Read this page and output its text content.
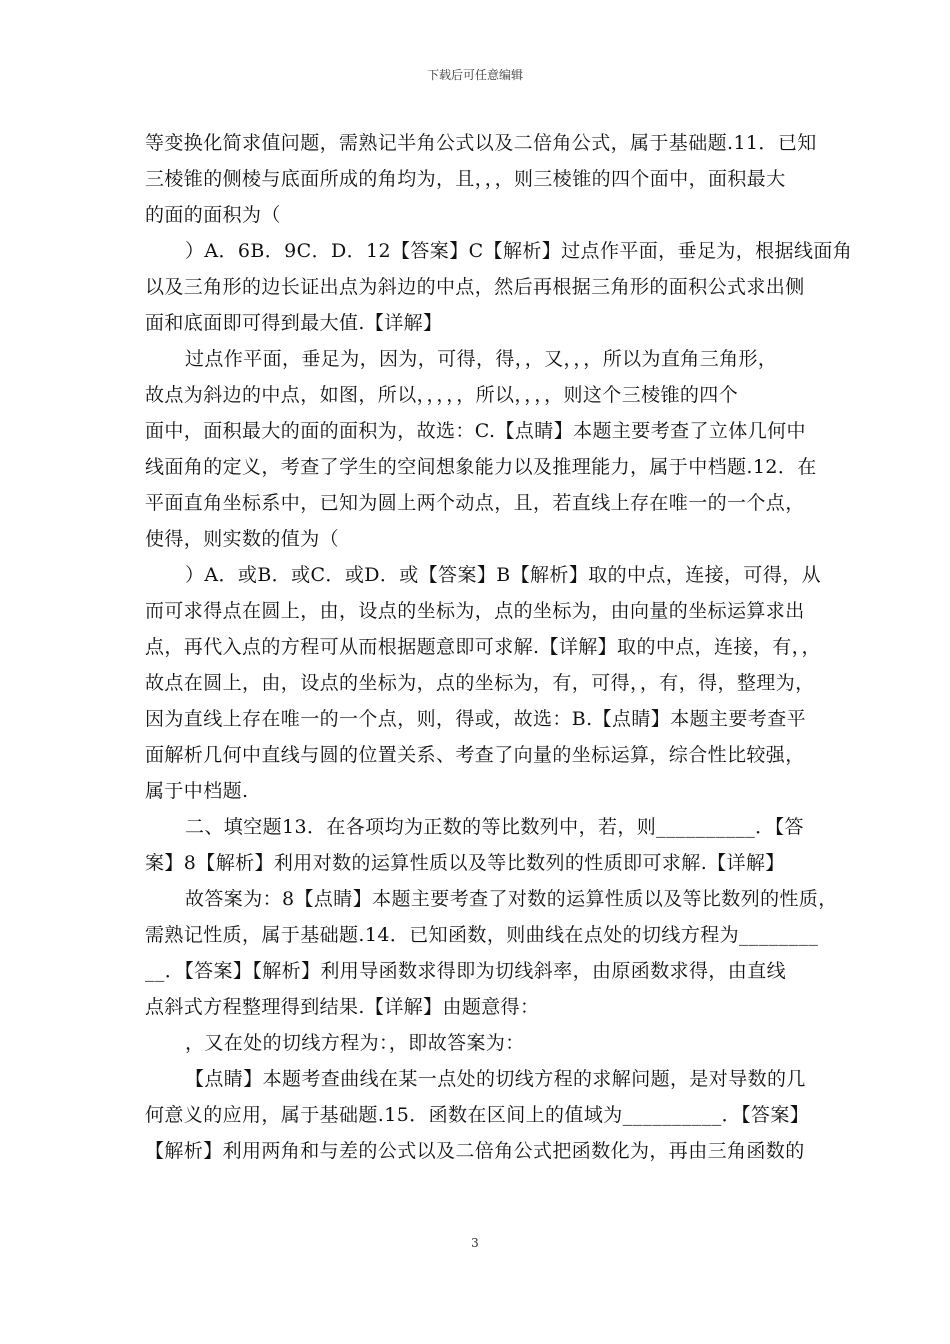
下载后可任意编辑
等变换化简求值问题，需熟记半角公式以及二倍角公式，属于基础题.11．已知
三棱锥的侧棱与底面所成的角均为，且，，，则三棱锥的四个面中，面积最大
的面的面积为（
）A．6B．9C．D．12【答案】C【解析】过点作平面，垂足为，根据线面角
以及三角形的边长证出点为斜边的中点，然后再根据三角形的面积公式求出侧
面和底面即可得到最大值.【详解】
过点作平面，垂足为，因为，可得，得，，又，，，所以为直角三角形，
故点为斜边的中点，如图，所以，，，，，所以，，，，则这个三棱锥的四个
面中，面积最大的面的面积为，故选：C.【点睛】本题主要考查了立体几何中
线面角的定义，考查了学生的空间想象能力以及推理能力，属于中档题.12．在
平面直角坐标系中，已知为圆上两个动点，且，若直线上存在唯一的一个点，
使得，则实数的值为（
）A．或B．或C．或D．或【答案】B【解析】取的中点，连接，可得，从
而可求得点在圆上，由，设点的坐标为，点的坐标为，由向量的坐标运算求出
点，再代入点的方程可从而根据题意即可求解.【详解】取的中点，连接，有，，
故点在圆上，由，设点的坐标为，点的坐标为，有，可得，，有，得，整理为，
因为直线上存在唯一的一个点，则，得或，故选：B.【点睛】本题主要考查平
面解析几何中直线与圆的位置关系、考查了向量的坐标运算，综合性比较强，
属于中档题.
二、填空题13．在各项均为正数的等比数列中，若，则__________．【答
案】8【解析】利用对数的运算性质以及等比数列的性质即可求解.【详解】
故答案为：8【点睛】本题主要考查了对数的运算性质以及等比数列的性质，
需熟记性质，属于基础题.14．已知函数，则曲线在点处的切线方程为________
__．【答案】【解析】利用导函数求得即为切线斜率，由原函数求得，由直线
点斜式方程整理得到结果.【详解】由题意得：
，又在处的切线方程为：，即故答案为：
【点睛】本题考查曲线在某一点处的切线方程的求解问题，是对导数的几
何意义的应用，属于基础题.15．函数在区间上的值域为__________．【答案】
【解析】利用两角和与差的公式以及二倍角公式把函数化为，再由三角函数的
3
